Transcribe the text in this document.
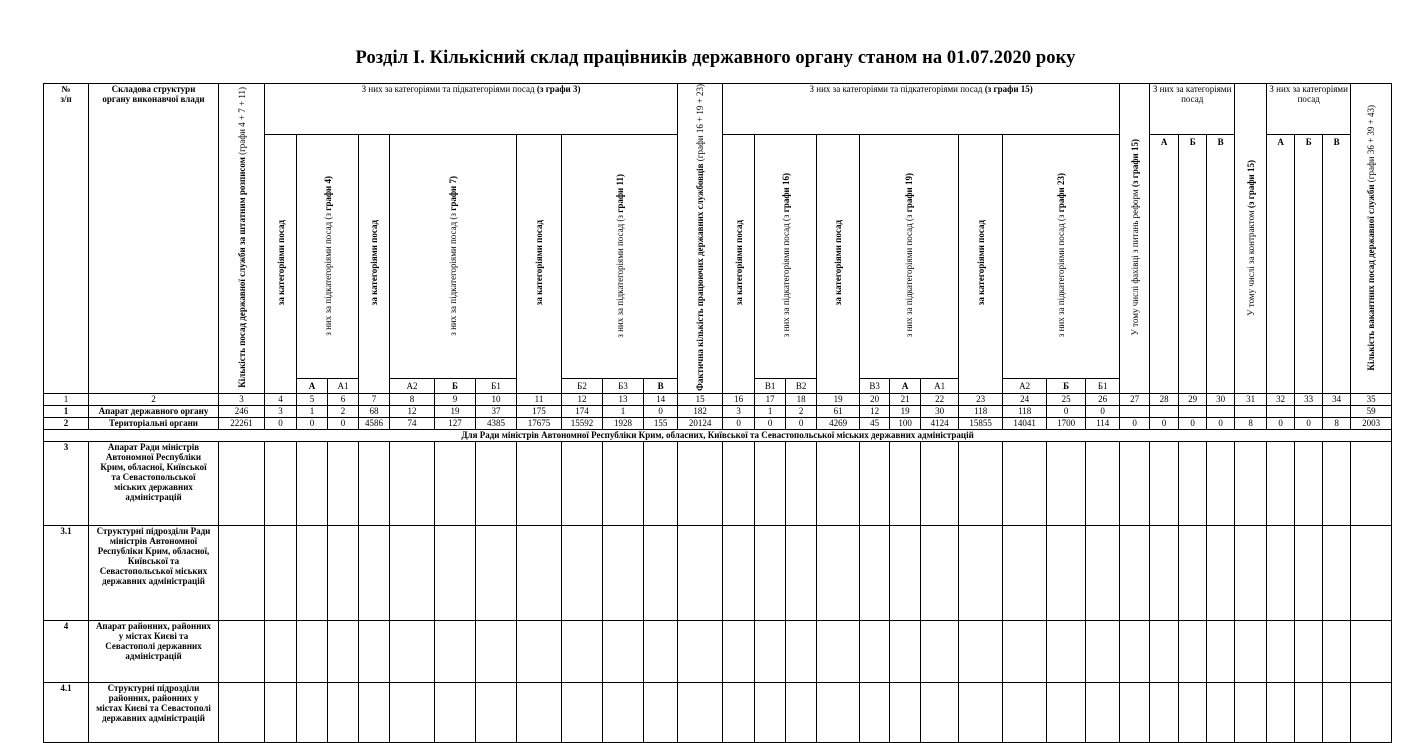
Розділ І. Кількісний склад працівників державного органу станом на 01.07.2020 року
№
з/п	Складова структури органу виконавчої влади	Кількість посад державної служби за штатним розписом (графи 4 + 7 + 11)	З них за категоріями та підкатегоріями посад (з графи 3)											Фактична кількість працюючих державних службовців (графи 16 + 19 + 23)	З них за категоріями та підкатегоріями посад (з графи 15)											У тому числі фахівці з питань реформ (з графи 15)	З них за категоріями посад			У тому числі за контрактом (з графи 15)	З них за категоріями посад			Кількість вакантних посад державної служби (графи 36 + 39 + 43)	
			за категоріями посад	з них за підкатегоріями посад (з графи 4)		за категоріями посад	з них за підкатегоріями посад (з графи 7)			за категоріями посад	з них за підкатегоріями посад (з графи 11)				за категоріями посад	з них за підкатегоріями посад (з графи 16)		за категоріями посад	з них за підкатегоріями посад (з графи 19)			за категоріями посад	з них за підкатегоріями посад (з графи 23)				А	Б	В		А	Б	В		
				А	А1		А2	Б	Б1		Б2	Б3	В			В1	В2		В3	А	А1		А2	Б	Б1						
1	2	3	4	5	6	7	8	9	10	11	12	13	14	15	16	17	18	19	20	21	22	23	24	25	26	27	28	29	30	31	32	33	34	35	
1	Апарат державного органу	246	3	1	2	68	12	19	37	175	174	1	0	182	3	1	2	61	12	19	30	118	118	0	0									59	
2	Територіальні органи	22261	0	0	0	4586	74	127	4385	17675	15592	1928	155	20124	0	0	0	4269	45	100	4124	15855	14041	1700	114	0	0	0	0	8	0	0	8	2003	
Для Ради міністрів Автономної Республіки Крим, обласних, Київської та Севастопольської міських державних адміністрацій																																			
3	Апарат Ради міністрів Автономної Республіки Крим, обласної, Київської та Севастопольської міських державних адміністрацій																																		
3.1	Структурні підрозділи Ради міністрів Автономної Республіки Крим, обласної, Київської та Севастопольської міських державних адміністрацій																																		
4	Апарат районних, районних у містах Києві та Севастополі державних адміністрацій																																		
4.1	Структурні підрозділи районних, районних у містах Києві та Севастополі державних адміністрацій																																		
